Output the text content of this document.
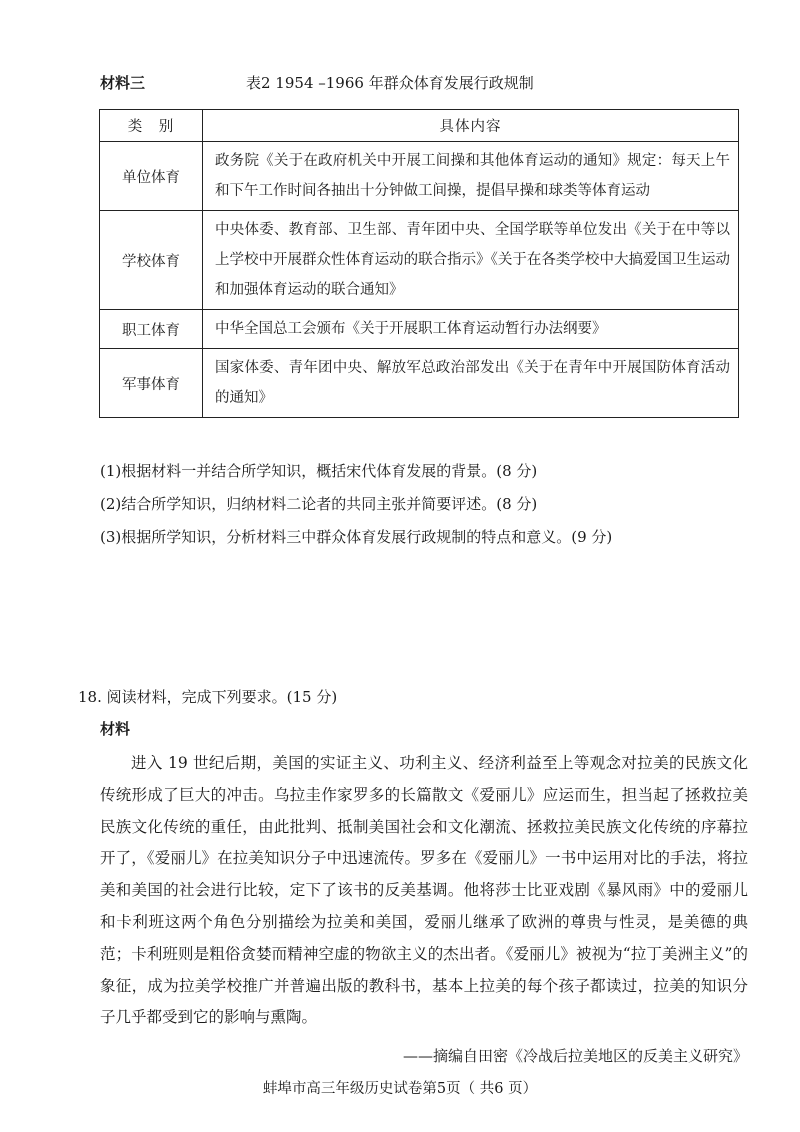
材料三	表2 1954 –1966 年群众体育发展行政规制
类　别	具体内容
单位体育	政务院《关于在政府机关中开展工间操和其他体育运动的通知》规定：每天上午和下午工作时间各抽出十分钟做工间操，提倡早操和球类等体育运动
学校体育	中央体委、教育部、卫生部、青年团中央、全国学联等单位发出《关于在中等以上学校中开展群众性体育运动的联合指示》《关于在各类学校中大搞爱国卫生运动和加强体育运动的联合通知》
职工体育	中华全国总工会颁布《关于开展职工体育运动暂行办法纲要》
军事体育	国家体委、青年团中央、解放军总政治部发出《关于在青年中开展国防体育活动的通知》
(1)根据材料一并结合所学知识，概括宋代体育发展的背景。(8 分)
(2)结合所学知识，归纳材料二论者的共同主张并简要评述。(8 分)
(3)根据所学知识，分析材料三中群众体育发展行政规制的特点和意义。(9 分)
18. 阅读材料，完成下列要求。(15 分)
材料

进入 19 世纪后期，美国的实证主义、功利主义、经济利益至上等观念对拉美的民族文化传统形成了巨大的冲击。乌拉圭作家罗多的长篇散文《爱丽儿》应运而生，担当起了拯救拉美民族文化传统的重任，由此批判、抵制美国社会和文化潮流、拯救拉美民族文化传统的序幕拉开了，《爱丽儿》在拉美知识分子中迅速流传。罗多在《爱丽儿》一书中运用对比的手法，将拉美和美国的社会进行比较，定下了该书的反美基调。他将莎士比亚戏剧《暴风雨》中的爱丽儿和卡利班这两个角色分别描绘为拉美和美国，爱丽儿继承了欧洲的尊贵与性灵，是美德的典范；卡利班则是粗俗贪婪而精神空虚的物欲主义的杰出者。《爱丽儿》被视为“拉丁美洲主义”的象征，成为拉美学校推广并普遍出版的教科书，基本上拉美的每个孩子都读过，拉美的知识分子几乎都受到它的影响与熏陶。

——摘编自田密《冷战后拉美地区的反美主义研究》
蚌埠市高三年级历史试卷第5页（ 共6 页）
